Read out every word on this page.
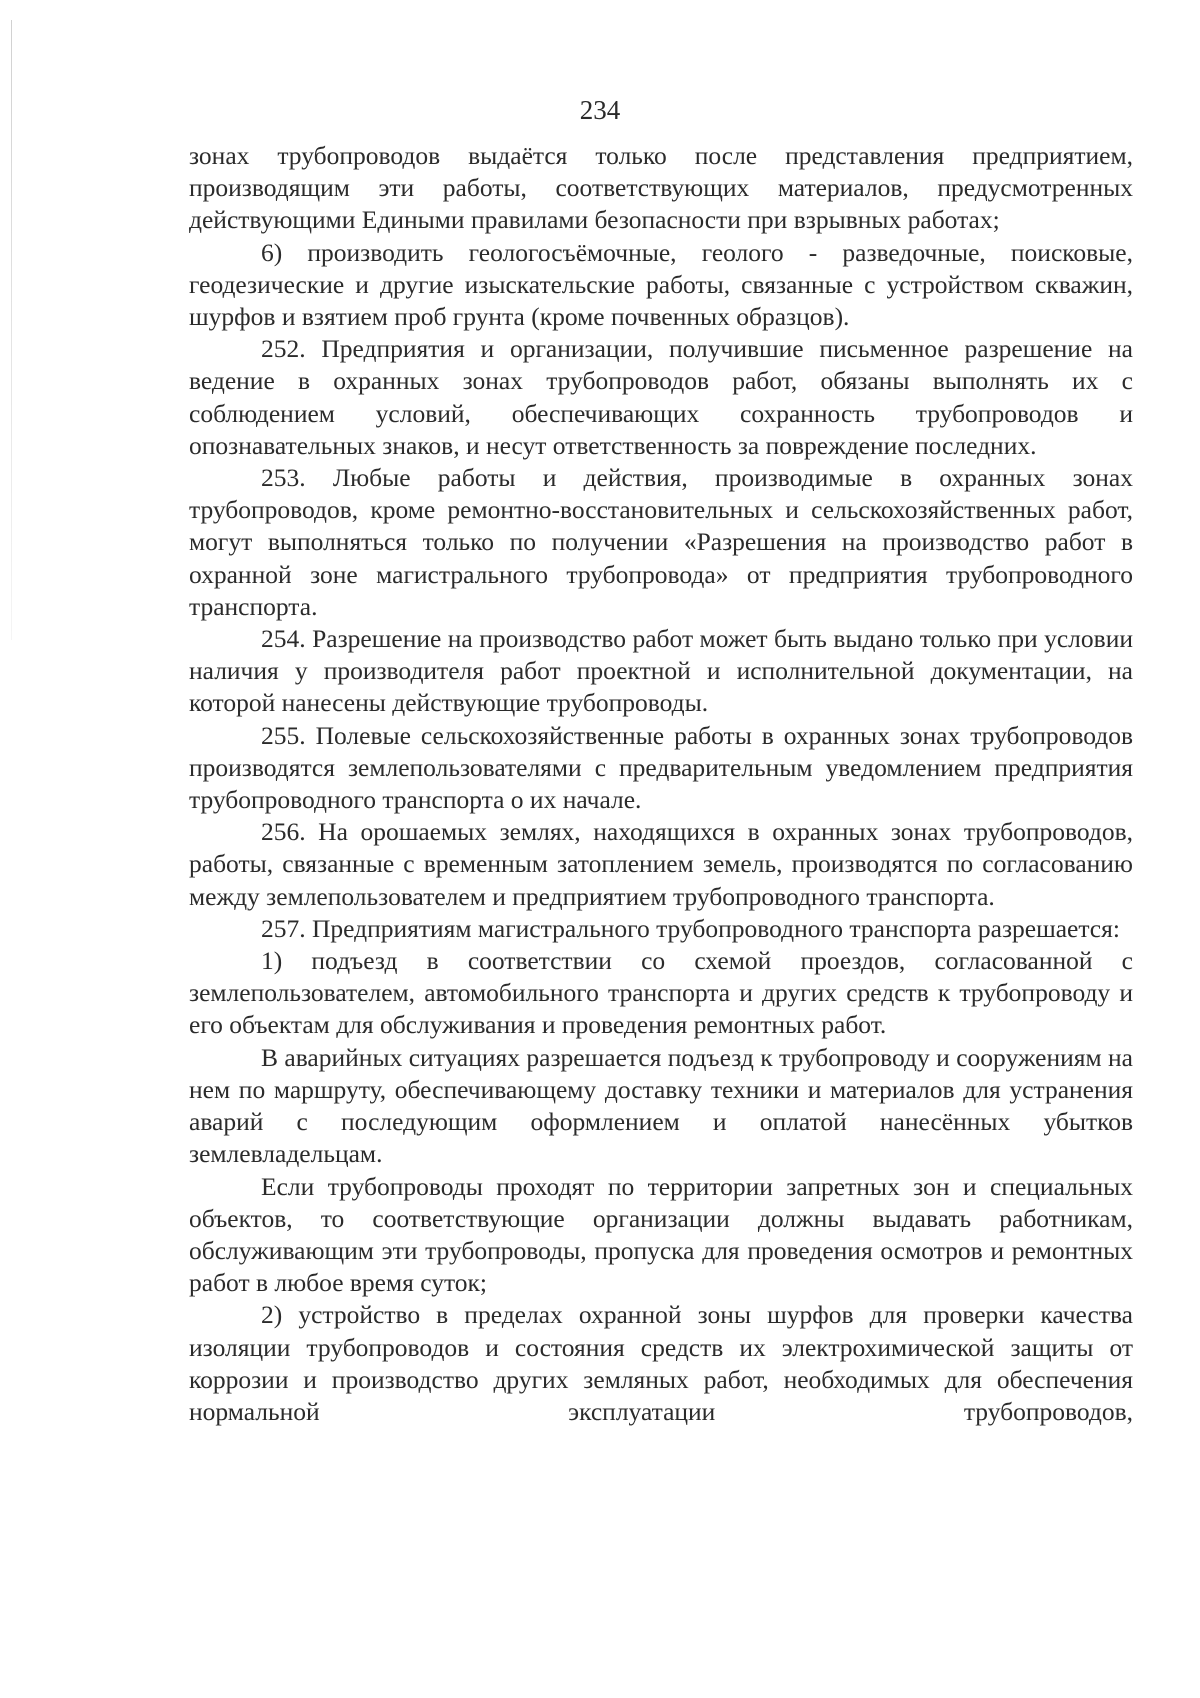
234

зонах трубопроводов выдаётся только после представления предприятием, производящим эти работы, соответствующих материалов, предусмотренных действующими Едиными правилами безопасности при взрывных работах;

6) производить геологосъёмочные, геолого - разведочные, поисковые, геодезические и другие изыскательские работы, связанные с устройством скважин, шурфов и взятием проб грунта (кроме почвенных образцов).

252. Предприятия и организации, получившие письменное разрешение на ведение в охранных зонах трубопроводов работ, обязаны выполнять их с соблюдением условий, обеспечивающих сохранность трубопроводов и опознавательных знаков, и несут ответственность за повреждение последних.

253. Любые работы и действия, производимые в охранных зонах трубопроводов, кроме ремонтно-восстановительных и сельскохозяйственных работ, могут выполняться только по получении «Разрешения на производство работ в охранной зоне магистрального трубопровода» от предприятия трубопроводного транспорта.

254. Разрешение на производство работ может быть выдано только при условии наличия у производителя работ проектной и исполнительной документации, на которой нанесены действующие трубопроводы.

255. Полевые сельскохозяйственные работы в охранных зонах трубопроводов производятся землепользователями с предварительным уведомлением предприятия трубопроводного транспорта о их начале.

256. На орошаемых землях, находящихся в охранных зонах трубопроводов, работы, связанные с временным затоплением земель, производятся по согласованию между землепользователем и предприятием трубопроводного транспорта.

257. Предприятиям магистрального трубопроводного транспорта разрешается:

1) подъезд в соответствии со схемой проездов, согласованной с землепользователем, автомобильного транспорта и других средств к трубопроводу и его объектам для обслуживания и проведения ремонтных работ.

В аварийных ситуациях разрешается подъезд к трубопроводу и сооружениям на нем по маршруту, обеспечивающему доставку техники и материалов для устранения аварий с последующим оформлением и оплатой нанесённых убытков землевладельцам.

Если трубопроводы проходят по территории запретных зон и специальных объектов, то соответствующие организации должны выдавать работникам, обслуживающим эти трубопроводы, пропуска для проведения осмотров и ремонтных работ в любое время суток;

2) устройство в пределах охранной зоны шурфов для проверки качества изоляции трубопроводов и состояния средств их электрохимической защиты от коррозии и производство других земляных работ, необходимых для обеспечения нормальной эксплуатации трубопроводов,
